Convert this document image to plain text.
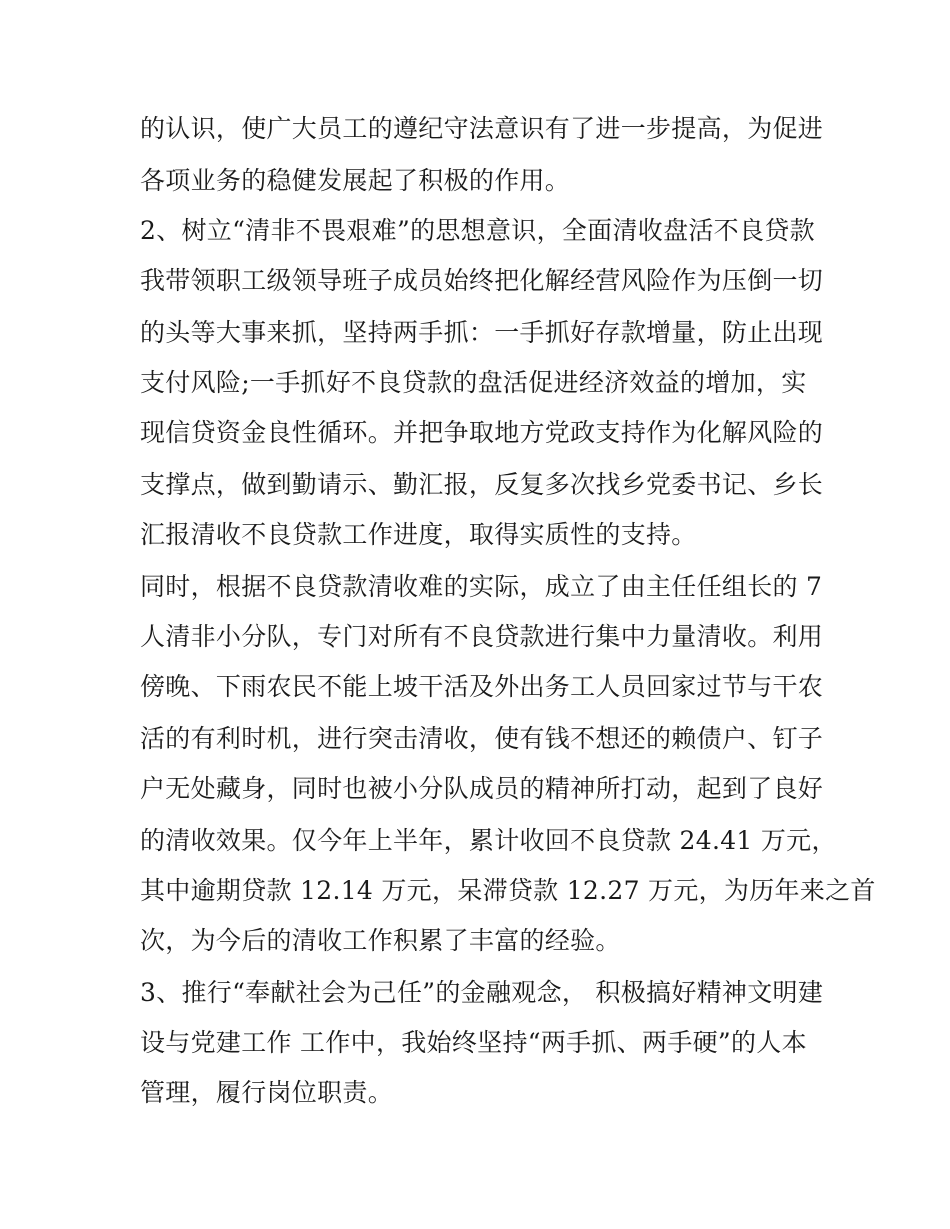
的认识，使广大员工的遵纪守法意识有了进一步提高，为促进
各项业务的稳健发展起了积极的作用。
2、树立“清非不畏艰难”的思想意识，全面清收盘活不良贷款
我带领职工级领导班子成员始终把化解经营风险作为压倒一切
的头等大事来抓，坚持两手抓：一手抓好存款增量，防止出现
支付风险;一手抓好不良贷款的盘活促进经济效益的增加，实
现信贷资金良性循环。并把争取地方党政支持作为化解风险的
支撑点，做到勤请示、勤汇报，反复多次找乡党委书记、乡长
汇报清收不良贷款工作进度，取得实质性的支持。
同时，根据不良贷款清收难的实际，成立了由主任任组长的 7
人清非小分队，专门对所有不良贷款进行集中力量清收。利用
傍晚、下雨农民不能上坡干活及外出务工人员回家过节与干农
活的有利时机，进行突击清收，使有钱不想还的赖债户、钉子
户无处藏身，同时也被小分队成员的精神所打动，起到了良好
的清收效果。仅今年上半年，累计收回不良贷款 24.41 万元，
其中逾期贷款 12.14 万元，呆滞贷款 12.27 万元，为历年来之首
次，为今后的清收工作积累了丰富的经验。
3、推行“奉献社会为己任”的金融观念， 积极搞好精神文明建
设与党建工作 工作中，我始终坚持“两手抓、两手硬”的人本
管理，履行岗位职责。
